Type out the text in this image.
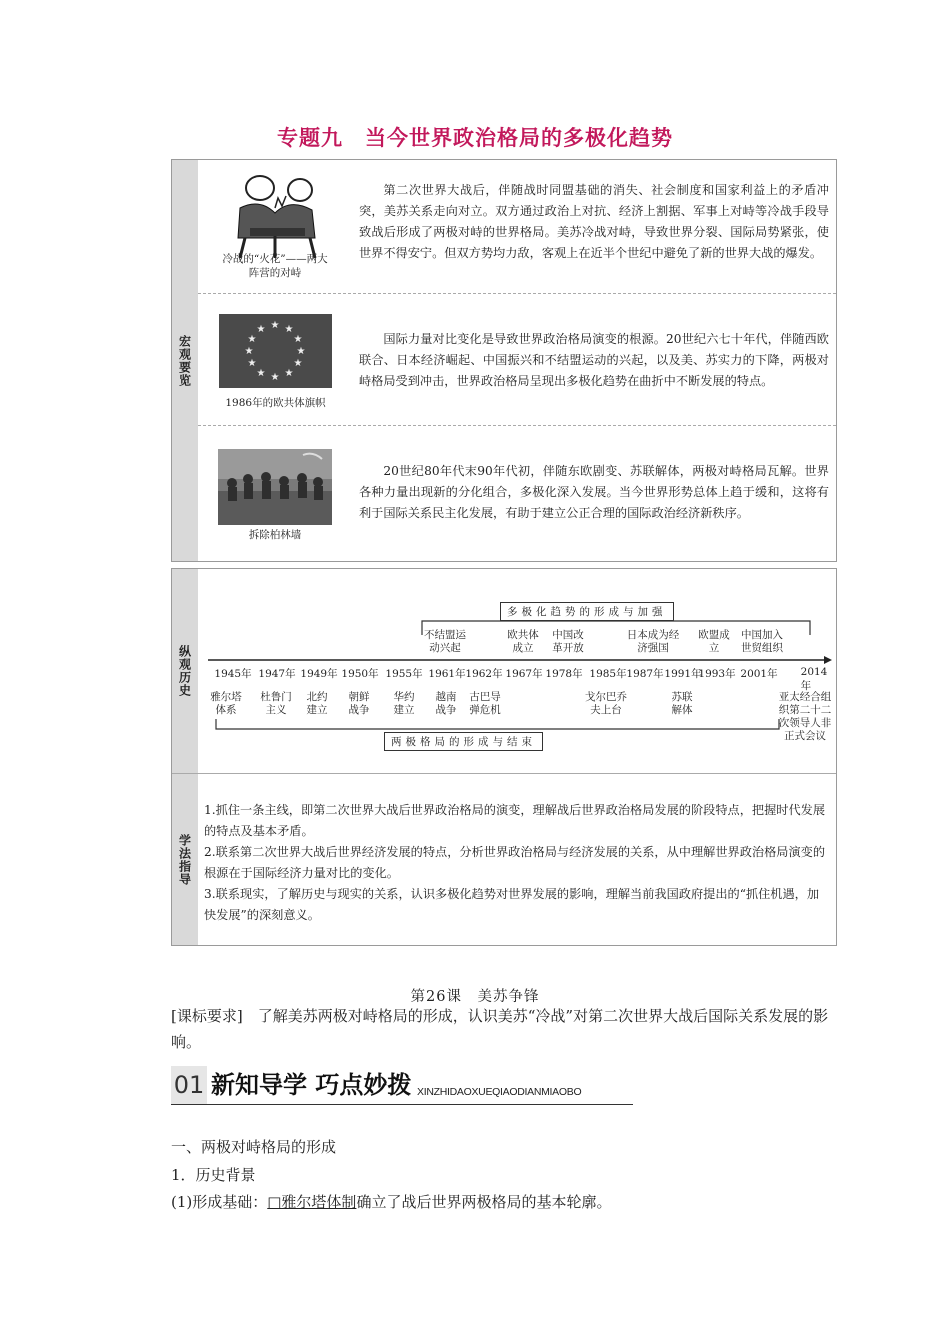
专题九　当今世界政治格局的多极化趋势
宏观要览
冷战的“火花”——两大阵营的对峙
第二次世界大战后，伴随战时同盟基础的消失、社会制度和国家利益上的矛盾冲突，美苏关系走向对立。双方通过政治上对抗、经济上割据、军事上对峙等冷战手段导致战后形成了两极对峙的世界格局。美苏冷战对峙，导致世界分裂、国际局势紧张，使世界不得安宁。但双方势均力敌，客观上在近半个世纪中避免了新的世界大战的爆发。
★ ★
★
★
★
★
★
★
★
★
★
★
1986年的欧共体旗帜
国际力量对比变化是导致世界政治格局演变的根源。20世纪六七十年代，伴随西欧联合、日本经济崛起、中国振兴和不结盟运动的兴起，以及美、苏实力的下降，两极对峙格局受到冲击，世界政治格局呈现出多极化趋势在曲折中不断发展的特点。
拆除柏林墙
20世纪80年代末90年代初，伴随东欧剧变、苏联解体，两极对峙格局瓦解。世界各种力量出现新的分化组合，多极化深入发展。当今世界形势总体上趋于缓和，这将有利于国际关系民主化发展，有助于建立公正合理的国际政治经济新秩序。
纵观历史
学法指导
多极化趋势的形成与加强
两极格局的形成与结束
不结盟运动兴起
欧共体成立
中国改革开放
日本成为经济强国
欧盟成立
中国加入世贸组织
1945年 1947年 1949年 1950年 1955年 1961年 1962年 1967年 1978年 1985年 1987年 1991年
1993年 2001年 2014年
雅尔塔体系
杜鲁门主义
北约建立
朝鲜战争
华约建立
越南战争
古巴导弹危机
戈尔巴乔夫上台
苏联解体
亚太经合组织第二十二次领导人非正式会议
1.抓住一条主线，即第二次世界大战后世界政治格局的演变，理解战后世界政治格局发展的阶段特点，把握时代发展的特点及基本矛盾。
2.联系第二次世界大战后世界经济发展的特点，分析世界政治格局与经济发展的关系，从中理解世界政治格局演变的根源在于国际经济力量对比的变化。
3.联系现实，了解历史与现实的关系，认识多极化趋势对世界发展的影响，理解当前我国政府提出的“抓住机遇，加快发展”的深刻意义。
第26课　美苏争锋
[课标要求]　 了解美苏两极对峙格局的形成，认识美苏“冷战”对第二次世界大战后国际关系发展的影响。
01 新知导学 巧点妙拨 XINZHIDAOXUEQIAODIANMIAOBO
一、两极对峙格局的形成
1．历史背景
(1)形成基础：□雅尔塔体制确立了战后世界两极格局的基本轮廓。
